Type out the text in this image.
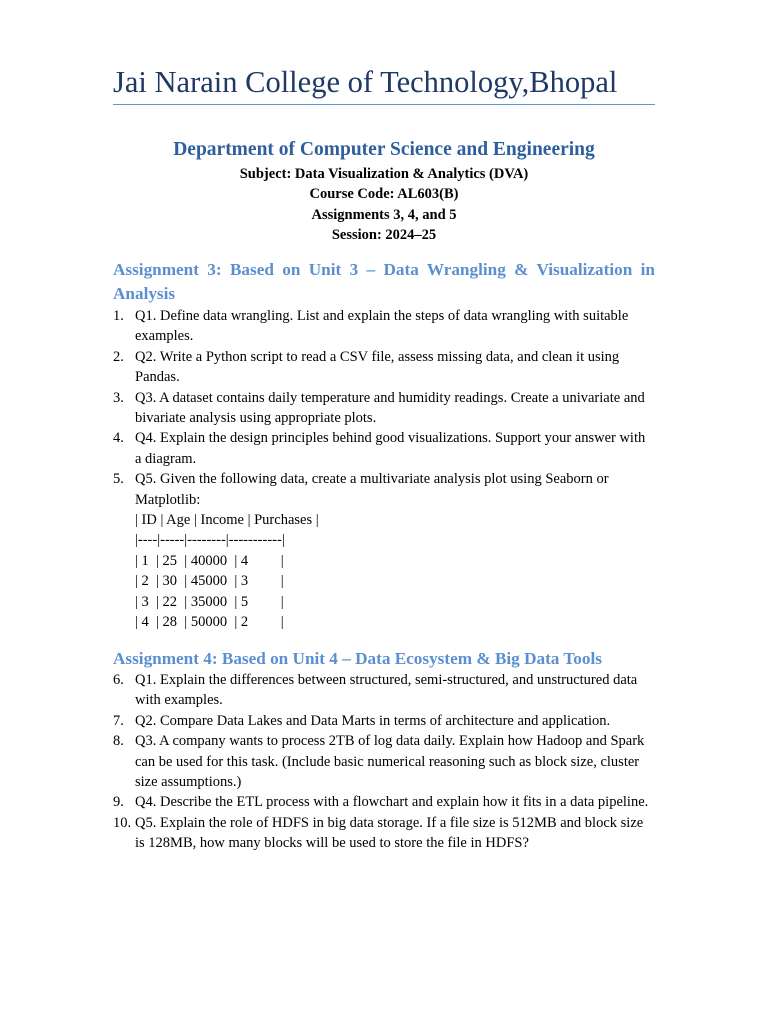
Jai Narain College of Technology,Bhopal
Department of Computer Science and Engineering
Subject: Data Visualization & Analytics (DVA)
Course Code: AL603(B)
Assignments 3, 4, and 5
Session: 2024–25
Assignment 3: Based on Unit 3 – Data Wrangling & Visualization in Analysis
1. Q1. Define data wrangling. List and explain the steps of data wrangling with suitable examples.
2. Q2. Write a Python script to read a CSV file, assess missing data, and clean it using Pandas.
3. Q3. A dataset contains daily temperature and humidity readings. Create a univariate and bivariate analysis using appropriate plots.
4. Q4. Explain the design principles behind good visualizations. Support your answer with a diagram.
5. Q5. Given the following data, create a multivariate analysis plot using Seaborn or Matplotlib:
| ID | Age | Income | Purchases |
|----|-----|--------|-----------|
| 1  | 25  | 40000  | 4         |
| 2  | 30  | 45000  | 3         |
| 3  | 22  | 35000  | 5         |
| 4  | 28  | 50000  | 2         |
Assignment 4: Based on Unit 4 – Data Ecosystem & Big Data Tools
6. Q1. Explain the differences between structured, semi-structured, and unstructured data with examples.
7. Q2. Compare Data Lakes and Data Marts in terms of architecture and application.
8. Q3. A company wants to process 2TB of log data daily. Explain how Hadoop and Spark can be used for this task. (Include basic numerical reasoning such as block size, cluster size assumptions.)
9. Q4. Describe the ETL process with a flowchart and explain how it fits in a data pipeline.
10. Q5. Explain the role of HDFS in big data storage. If a file size is 512MB and block size is 128MB, how many blocks will be used to store the file in HDFS?
